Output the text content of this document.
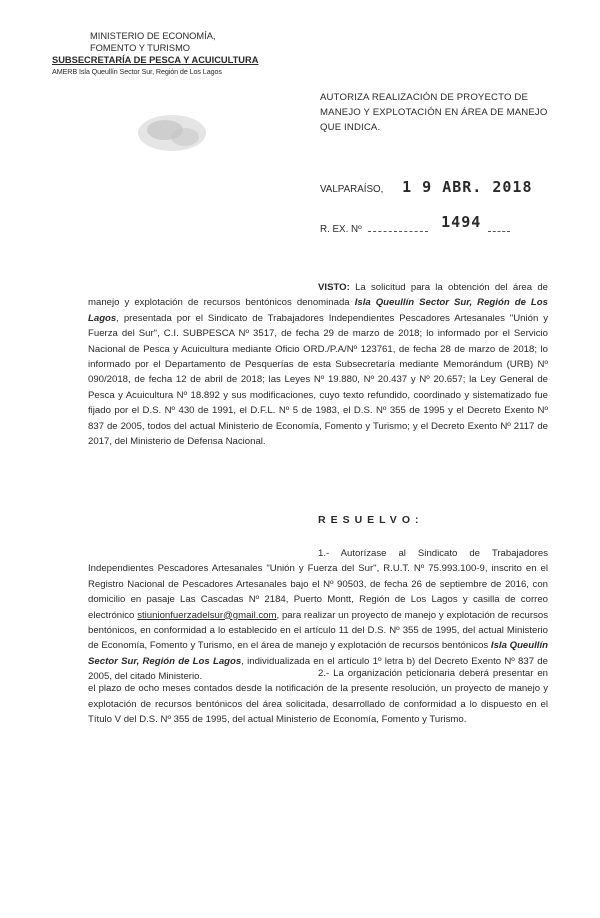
MINISTERIO DE ECONOMÍA,
FOMENTO Y TURISMO
SUBSECRETARÍA DE PESCA Y ACUICULTURA
AMERB Isla Queullín Sector Sur, Región de Los Lagos
AUTORIZA REALIZACIÓN DE PROYECTO DE MANEJO Y EXPLOTACIÓN EN ÁREA DE MANEJO QUE INDICA.
VALPARAÍSO, 1 9 ABR. 2018
R. EX. Nº	1494
VISTO: La solicitud para la obtención del área de manejo y explotación de recursos bentónicos denominada Isla Queullín Sector Sur, Región de Los Lagos, presentada por el Sindicato de Trabajadores Independientes Pescadores Artesanales "Unión y Fuerza del Sur", C.I. SUBPESCA Nº 3517, de fecha 29 de marzo de 2018; lo informado por el Servicio Nacional de Pesca y Acuicultura mediante Oficio ORD./P.A/Nº 123761, de fecha 28 de marzo de 2018; lo informado por el Departamento de Pesquerías de esta Subsecretaría mediante Memorándum (URB) Nº 090/2018, de fecha 12 de abril de 2018; las Leyes Nº 19.880, Nº 20.437 y Nº 20.657; la Ley General de Pesca y Acuicultura Nº 18.892 y sus modificaciones, cuyo texto refundido, coordinado y sistematizado fue fijado por el D.S. Nº 430 de 1991, el D.F.L. Nº 5 de 1983, el D.S. Nº 355 de 1995 y el Decreto Exento Nº 837 de 2005, todos del actual Ministerio de Economía, Fomento y Turismo; y el Decreto Exento Nº 2117 de 2017, del Ministerio de Defensa Nacional.
RESUELVO:
1.- Autorízase al Sindicato de Trabajadores Independientes Pescadores Artesanales "Unión y Fuerza del Sur", R.U.T. Nº 75.993.100-9, inscrito en el Registro Nacional de Pescadores Artesanales bajo el Nº 90503, de fecha 26 de septiembre de 2016, con domicilio en pasaje Las Cascadas Nº 2184, Puerto Montt, Región de Los Lagos y casilla de correo electrónico stiunionfuerzadelsur@gmail.com, para realizar un proyecto de manejo y explotación de recursos bentónicos, en conformidad a lo establecido en el artículo 11 del D.S. Nº 355 de 1995, del actual Ministerio de Economía, Fomento y Turismo, en el área de manejo y explotación de recursos bentónicos Isla Queullín Sector Sur, Región de Los Lagos, individualizada en el artículo 1º letra b) del Decreto Exento Nº 837 de 2005, del citado Ministerio.	2.- La organización peticionaria deberá presentar en el plazo de ocho meses contados desde la notificación de la presente resolución, un proyecto de manejo y explotación de recursos bentónicos del área solicitada, desarrollado de conformidad a lo dispuesto en el Título V del D.S. Nº 355 de 1995, del actual Ministerio de Economía, Fomento y Turismo.
